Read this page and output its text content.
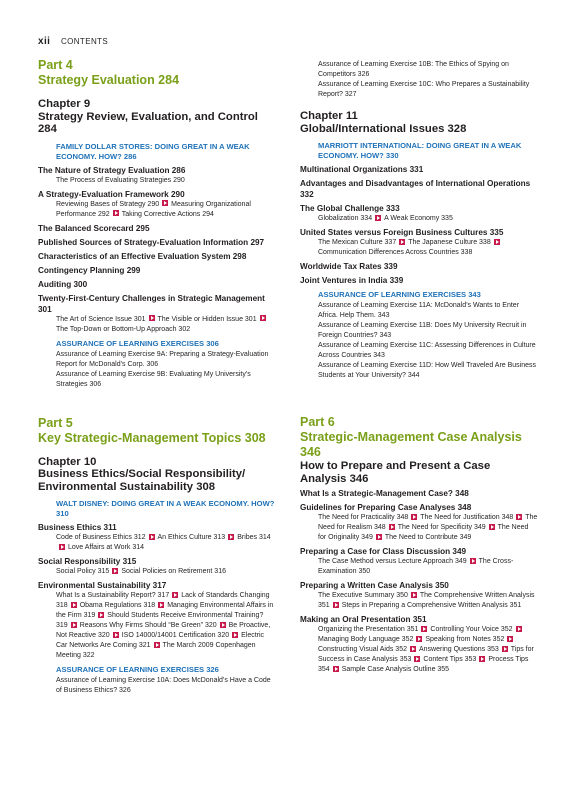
xii CONTENTS
Part 4
Strategy Evaluation 284
Chapter 9
Strategy Review, Evaluation, and Control 284
FAMILY DOLLAR STORES: DOING GREAT IN A WEAK ECONOMY. HOW? 286
The Nature of Strategy Evaluation 286
The Process of Evaluating Strategies 290
A Strategy-Evaluation Framework 290
Reviewing Bases of Strategy 290 Measuring Organizational Performance 292 Taking Corrective Actions 294
The Balanced Scorecard 295
Published Sources of Strategy-Evaluation Information 297
Characteristics of an Effective Evaluation System 298
Contingency Planning 299
Auditing 300
Twenty-First-Century Challenges in Strategic Management 301
The Art of Science Issue 301 The Visible or Hidden Issue 301The Top-Down or Bottom-Up Approach 302
ASSURANCE OF LEARNING EXERCISES 306
Assurance of Learning Exercise 9A: Preparing a Strategy-Evaluation Report for McDonald’s Corp. 306
Assurance of Learning Exercise 9B: Evaluating My University’s Strategies 306
Part 5
Key Strategic-Management Topics 308
Chapter 10
Business Ethics/Social Responsibility/ Environmental Sustainability 308
WALT DISNEY: DOING GREAT IN A WEAK ECONOMY. HOW? 310
Business Ethics 311
Code of Business Ethics 312 An Ethics Culture 313 Bribes 314Love Affairs at Work 314
Social Responsibility 315
Social Policy 315 Social Policies on Retirement 316
Environmental Sustainability 317
What Is a Sustainability Report? 317 Lack of Standards Changing 318 Obama Regulations 318 Managing Environmental Affairs in the Firm 319 Should Students Receive Environmental Training? 319 Reasons Why Firms Should “Be Green” 320 Be Proactive, Not Reactive 320 ISO 14000/14001 Certification 320 Electric Car Networks Are Coming 321 The March 2009 Copenhagen Meeting 322
ASSURANCE OF LEARNING EXERCISES 326
Assurance of Learning Exercise 10A: Does McDonald’s Have a Code of Business Ethics? 326
Assurance of Learning Exercise 10B: The Ethics of Spying on Competitors 326
Assurance of Learning Exercise 10C: Who Prepares a Sustainability Report? 327
Chapter 11
Global/International Issues 328
MARRIOTT INTERNATIONAL: DOING GREAT IN A WEAK ECONOMY. HOW? 330
Multinational Organizations 331
Advantages and Disadvantages of International Operations 332
The Global Challenge 333
Globalization 334 A Weak Economy 335
United States versus Foreign Business Cultures 335
The Mexican Culture 337 The Japanese Culture 338Communication Differences Across Countries 338
Worldwide Tax Rates 339
Joint Ventures in India 339
ASSURANCE OF LEARNING EXERCISES 343
Assurance of Learning Exercise 11A: McDonald’s Wants to Enter Africa. Help Them. 343
Assurance of Learning Exercise 11B: Does My University Recruit in Foreign Countries? 343
Assurance of Learning Exercise 11C: Assessing Differences in Culture Across Countries 343
Assurance of Learning Exercise 11D: How Well Traveled Are Business Students at Your University? 344
Part 6
Strategic-Management Case Analysis 346
How to Prepare and Present a Case Analysis 346
What Is a Strategic-Management Case? 348
Guidelines for Preparing Case Analyses 348
The Need for Practicality 348 The Need for Justification 348 The Need for Realism 348 The Need for Specificity 349 The Need for Originality 349 The Need to Contribute 349
Preparing a Case for Class Discussion 349
The Case Method versus Lecture Approach 349 The Cross-Examination 350
Preparing a Written Case Analysis 350
The Executive Summary 350 The Comprehensive Written Analysis 351 Steps in Preparing a Comprehensive Written Analysis 351
Making an Oral Presentation 351
Organizing the Presentation 351 Controlling Your Voice 352Managing Body Language 352 Speaking from Notes 352Constructing Visual Aids 352 Answering Questions 353 Tips for Success in Case Analysis 353 Content Tips 353 Process Tips 354 Sample Case Analysis Outline 355
